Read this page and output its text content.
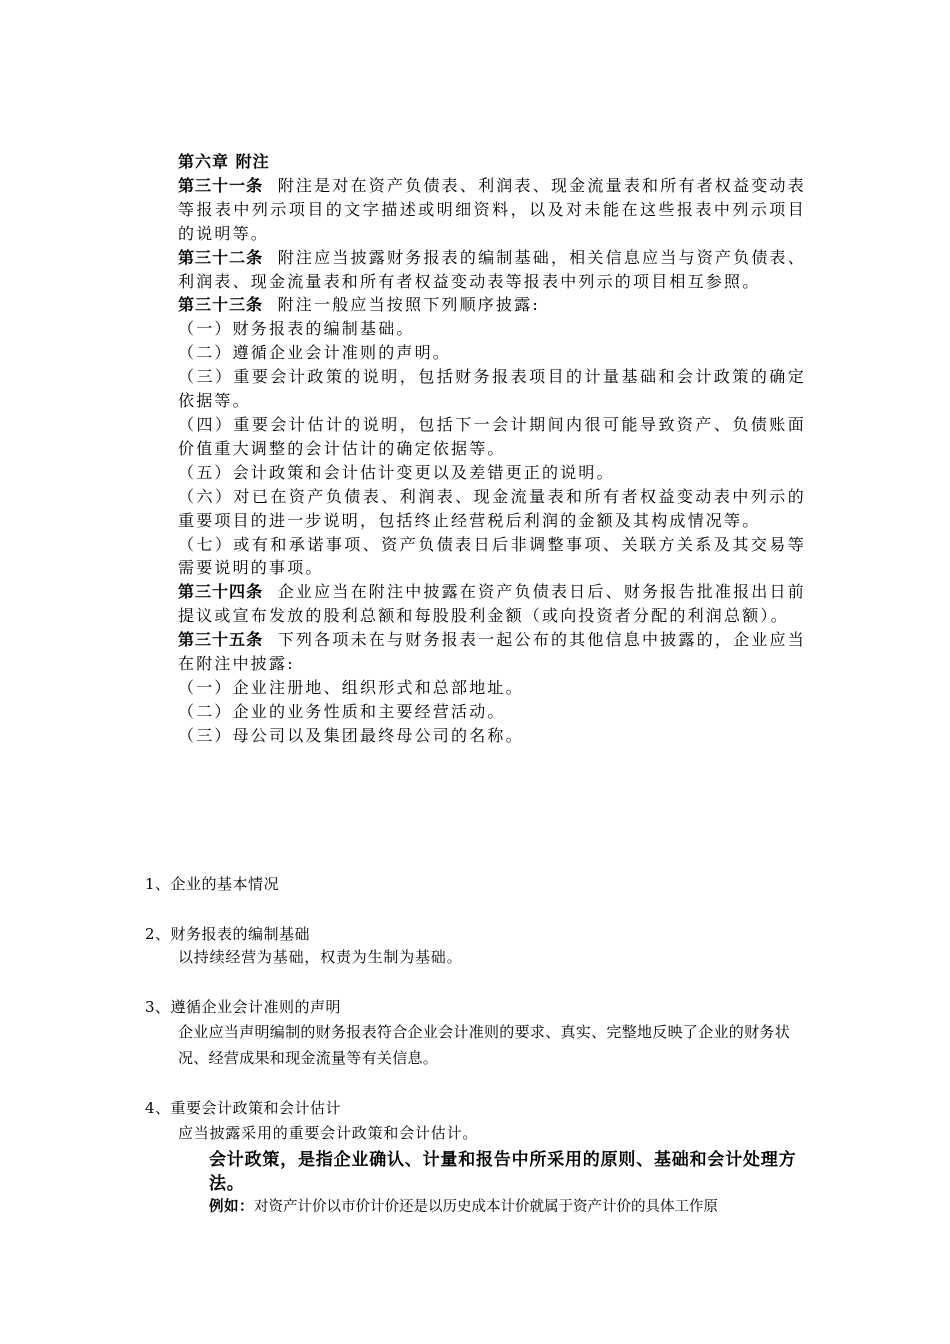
第六章 附注

第三十一条 附注是对在资产负债表、利润表、现金流量表和所有者权益变动表等报表中列示项目的文字描述或明细资料，以及对未能在这些报表中列示项目的说明等。

第三十二条 附注应当披露财务报表的编制基础，相关信息应当与资产负债表、利润表、现金流量表和所有者权益变动表等报表中列示的项目相互参照。

第三十三条 附注一般应当按照下列顺序披露:

（一）财务报表的编制基础。

（二）遵循企业会计准则的声明。

（三）重要会计政策的说明，包括财务报表项目的计量基础和会计政策的确定依据等。

（四）重要会计估计的说明，包括下一会计期间内很可能导致资产、负债账面价值重大调整的会计估计的确定依据等。

（五）会计政策和会计估计变更以及差错更正的说明。

（六）对已在资产负债表、利润表、现金流量表和所有者权益变动表中列示的重要项目的进一步说明，包括终止经营税后利润的金额及其构成情况等。

（七）或有和承诺事项、资产负债表日后非调整事项、关联方关系及其交易等需要说明的事项。

第三十四条 企业应当在附注中披露在资产负债表日后、财务报告批准报出日前提议或宣布发放的股利总额和每股股利金额（或向投资者分配的利润总额）。

第三十五条 下列各项未在与财务报表一起公布的其他信息中披露的，企业应当在附注中披露:

（一）企业注册地、组织形式和总部地址。

（二）企业的业务性质和主要经营活动。

（三）母公司以及集团最终母公司的名称。

1、企业的基本情况
2、财务报表的编制基础
以持续经营为基础，权责为生制为基础。
3、遵循企业会计准则的声明
企业应当声明编制的财务报表符合企业会计准则的要求、真实、完整地反映了企业的财务状况、经营成果和现金流量等有关信息。
4、重要会计政策和会计估计
应当披露采用的重要会计政策和会计估计。
会计政策，是指企业确认、计量和报告中所采用的原则、基础和会计处理方法。
例如：对资产计价以市价计价还是以历史成本计价就属于资产计价的具体工作原
